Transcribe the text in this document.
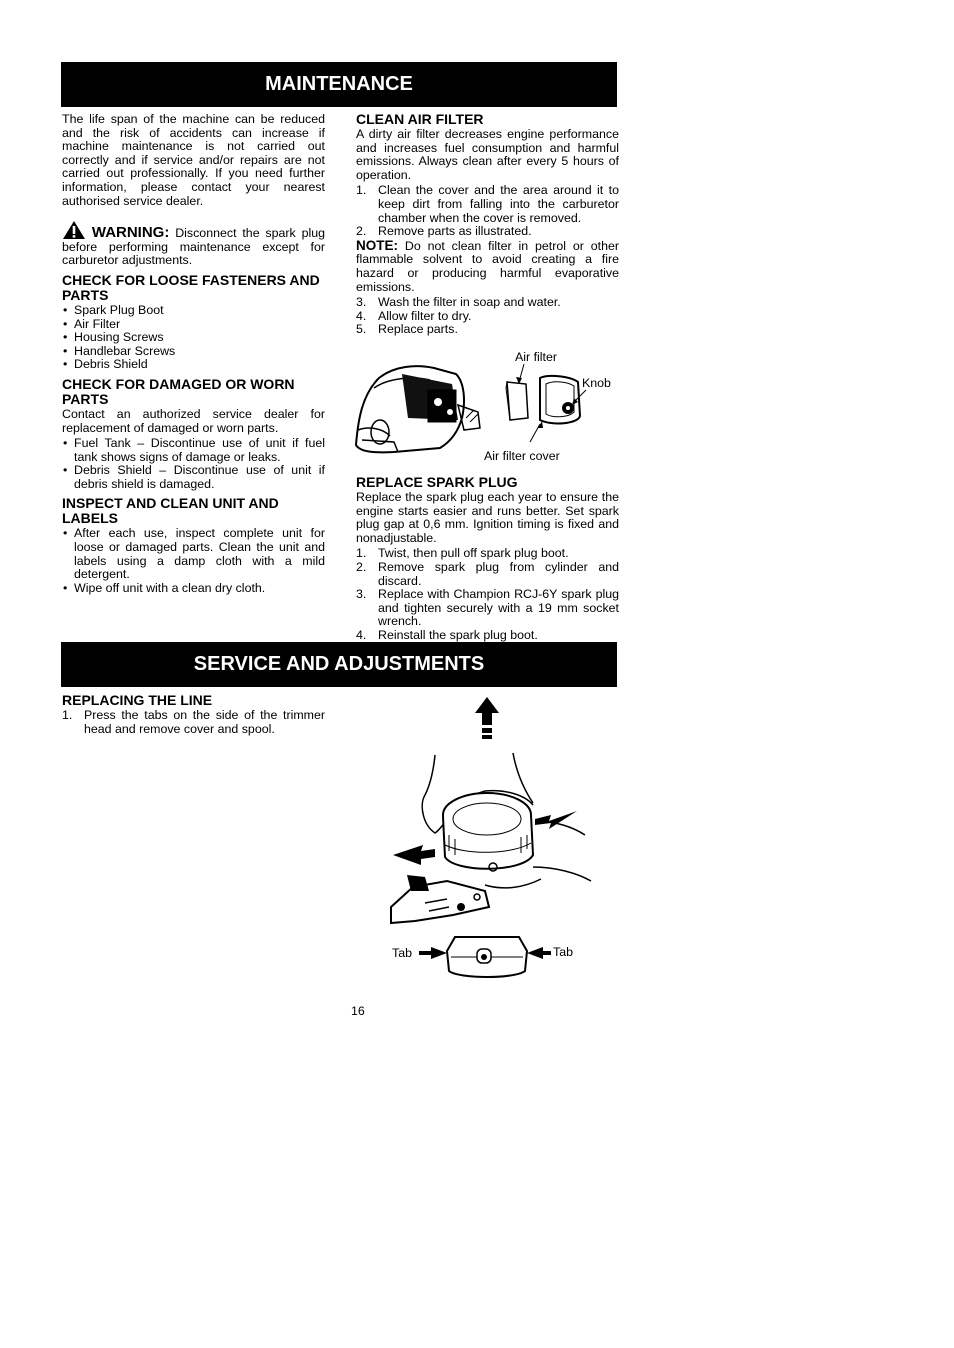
MAINTENANCE

The life span of the machine can be reduced and the risk of accidents can increase if machine maintenance is not carried out correctly and if service and/or repairs are not carried out professionally. If you need further information, please contact your nearest authorised service dealer.

WARNING: Disconnect the spark plug before performing maintenance except for carburetor adjustments.

CHECK FOR LOOSE FASTENERS AND PARTS
• Spark Plug Boot
• Air Filter
• Housing Screws
• Handlebar Screws
• Debris Shield
CHECK FOR DAMAGED OR WORN PARTS

Contact an authorized service dealer for replacement of damaged or worn parts.

• Fuel Tank – Discontinue use of unit if fuel tank shows signs of damage or leaks.
• Debris Shield – Discontinue use of unit if debris shield is damaged.
INSPECT AND CLEAN UNIT AND LABELS
• After each use, inspect complete unit for loose or damaged parts. Clean the unit and labels using a damp cloth with a mild detergent.
• Wipe off unit with a clean dry cloth.
CLEAN AIR FILTER

A dirty air filter decreases engine performance and increases fuel consumption and harmful emissions. Always clean after every 5 hours of operation.

1. Clean the cover and the area around it to keep dirt from falling into the carburetor chamber when the cover is removed.
2. Remove parts as illustrated.

NOTE: Do not clean filter in petrol or other flammable solvent to avoid creating a fire hazard or producing harmful evaporative emissions.

3. Wash the filter in soap and water.
4. Allow filter to dry.
5. Replace parts.
Air filter
Knob
Air filter cover
REPLACE SPARK PLUG

Replace the spark plug each year to ensure the engine starts easier and runs better. Set spark plug gap at 0,6 mm. Ignition timing is fixed and nonadjustable.

1. Twist, then pull off spark plug boot.
2. Remove spark plug from cylinder and discard.
3. Replace with Champion RCJ-6Y spark plug and tighten securely with a 19 mm socket wrench.
4. Reinstall the spark plug boot.
SERVICE AND ADJUSTMENTS
REPLACING THE LINE
1. Press the tabs on the side of the trimmer head and remove cover and spool.
Tab	Tab
16
